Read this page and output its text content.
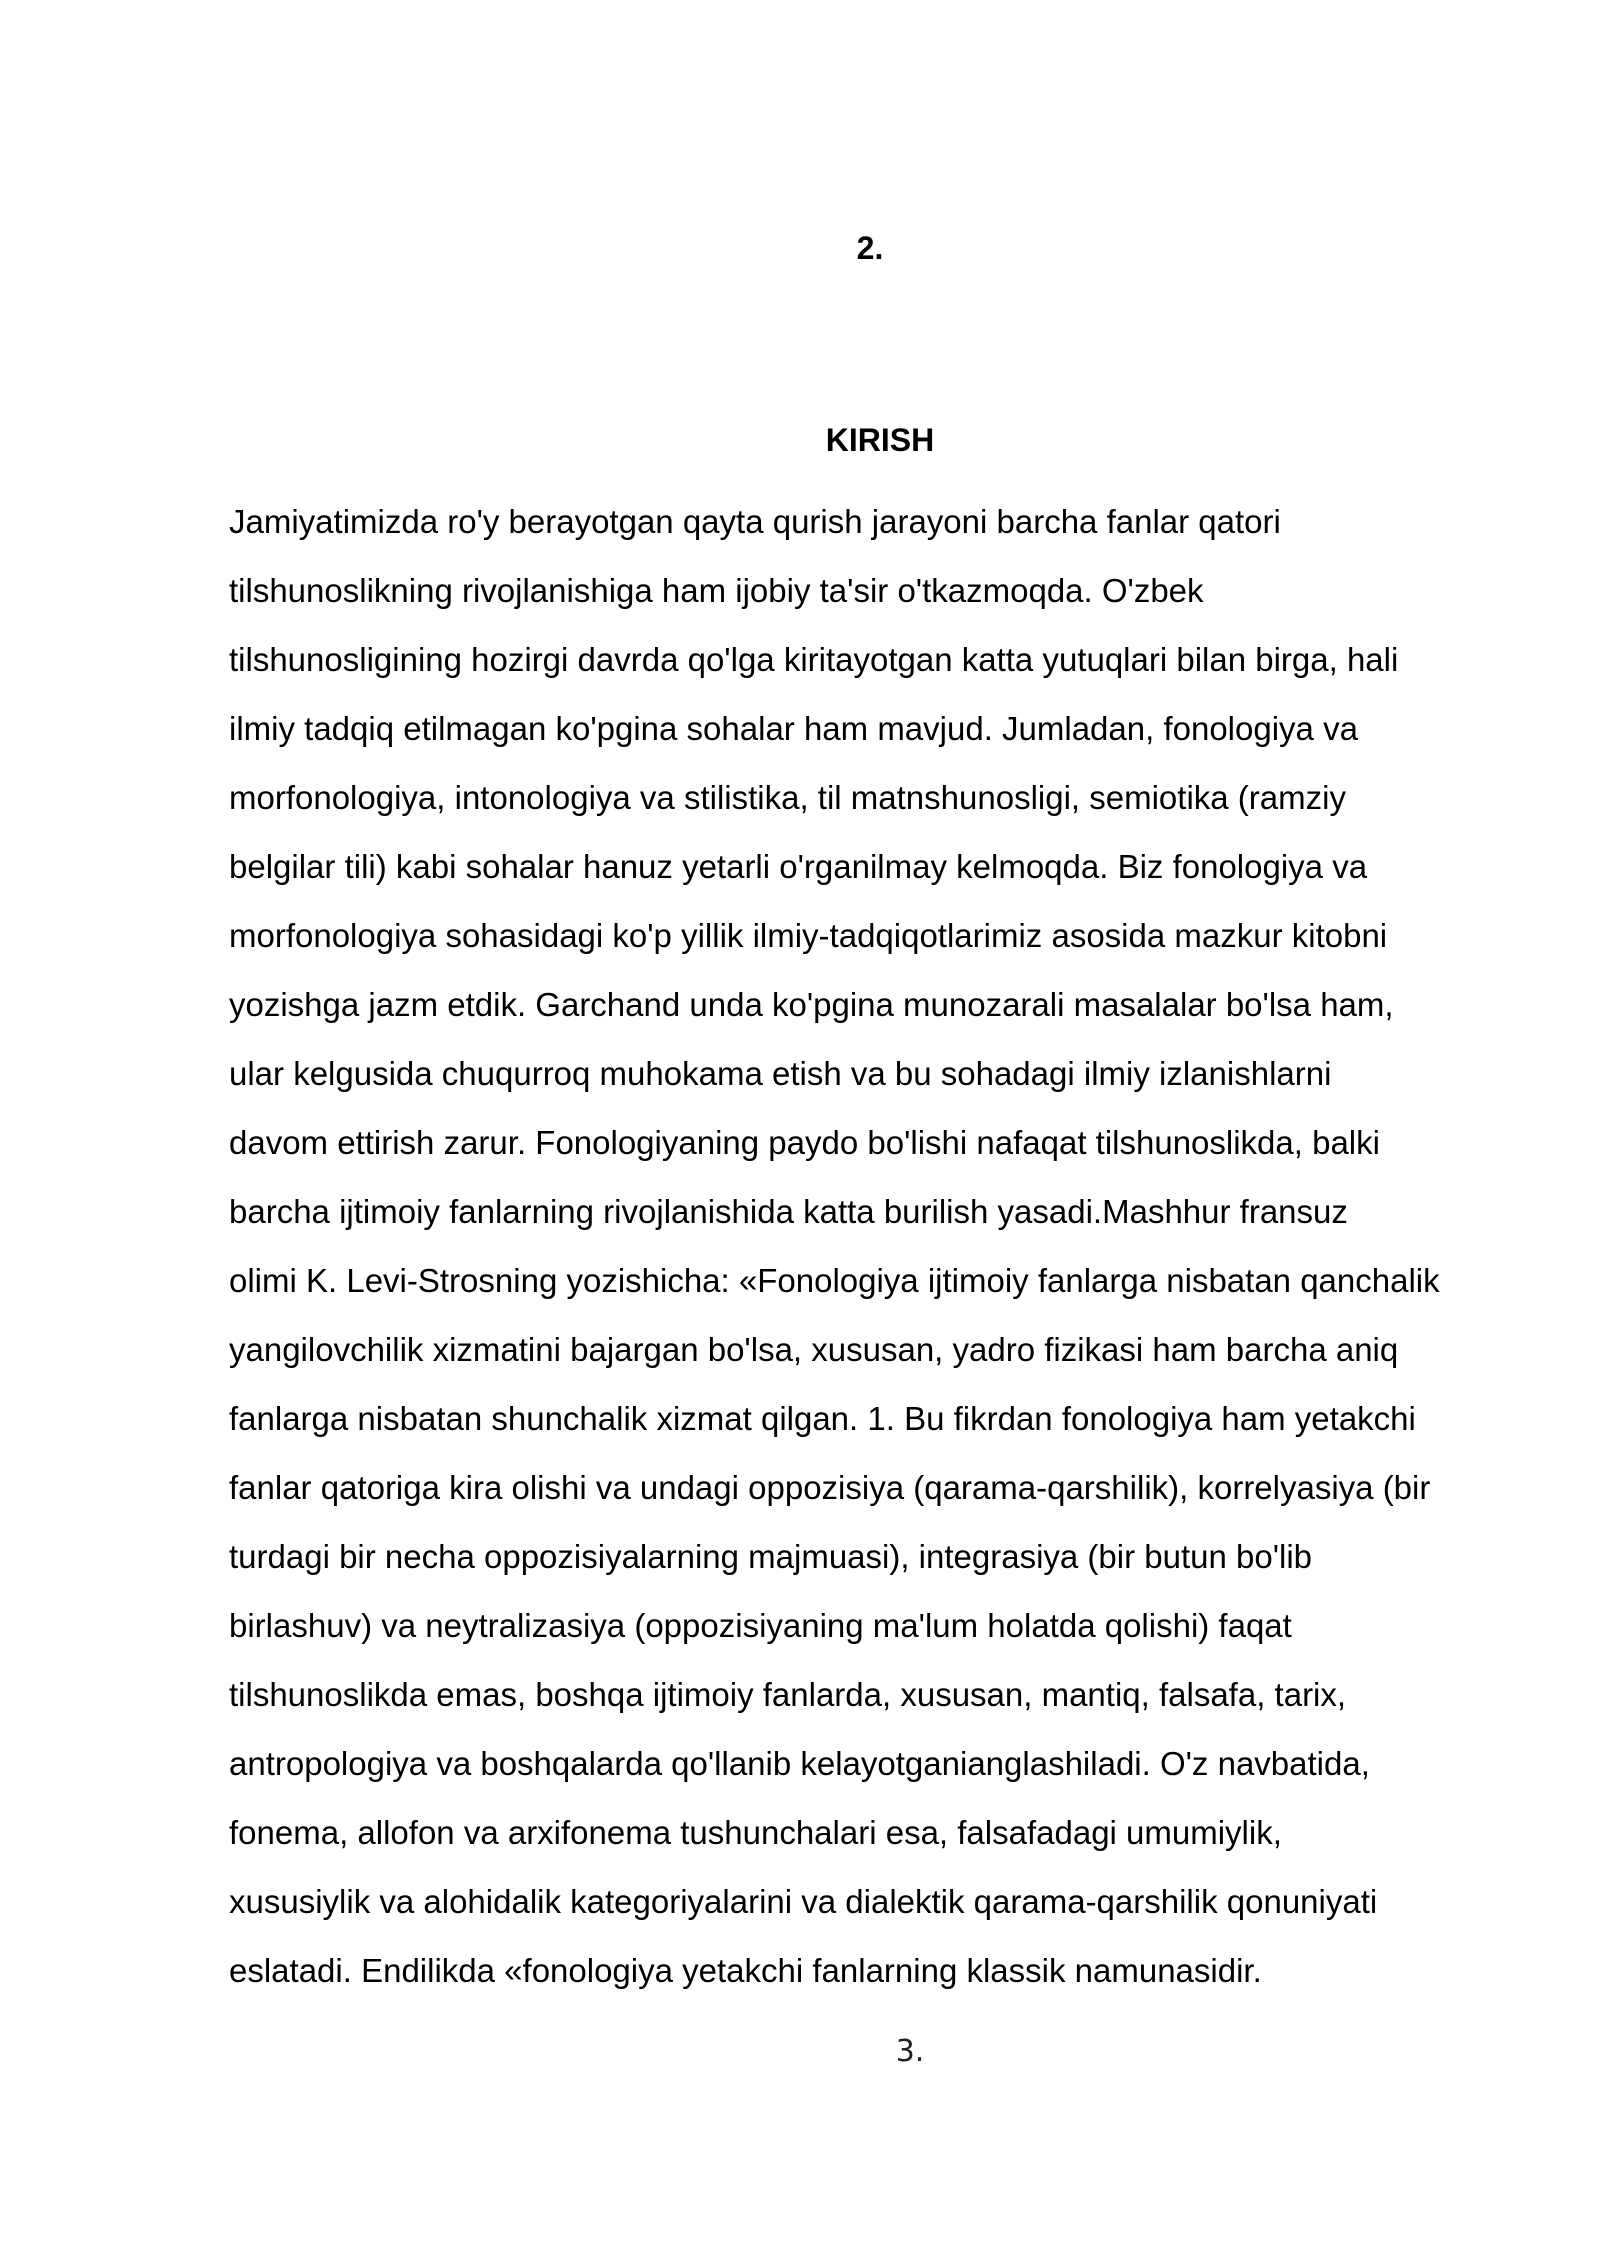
2.
KIRISH

Jamiyatimizda ro'y berayotgan qayta qurish jarayoni barcha fanlar qatori
tilshunoslikning rivojlanishiga ham ijobiy ta'sir o'tkazmoqda. O'zbek
tilshunosligining hozirgi davrda qo'lga kiritayotgan katta yutuqlari bilan birga, hali
ilmiy tadqiq etilmagan ko'pgina sohalar ham mavjud. Jumladan, fonologiya va
morfonologiya, intonologiya va stilistika, til matnshunosligi, semiotika (ramziy
belgilar tili) kabi sohalar hanuz yetarli o'rganilmay kelmoqda. Biz fonologiya va
morfonologiya sohasidagi ko'p yillik ilmiy-tadqiqotlarimiz asosida mazkur kitobni
yozishga jazm etdik. Garchand unda ko'pgina munozarali masalalar bo'lsa ham,
ular kelgusida chuqurroq muhokama etish va bu sohadagi ilmiy izlanishlarni
davom ettirish zarur. Fonologiyaning paydo bo'lishi nafaqat tilshunoslikda, balki
barcha ijtimoiy fanlarning rivojlanishida katta burilish yasadi.Mashhur fransuz
olimi K. Levi-Strosning yozishicha: «Fonologiya ijtimoiy fanlarga nisbatan qanchalik
yangilovchilik xizmatini bajargan bo'lsa, xususan, yadro fizikasi ham barcha aniq
fanlarga nisbatan shunchalik xizmat qilgan. 1. Bu fikrdan fonologiya ham yetakchi
fanlar qatoriga kira olishi va undagi oppozisiya (qarama-qarshilik), korrelyasiya (bir
turdagi bir necha oppozisiyalarning majmuasi), integrasiya (bir butun bo'lib
birlashuv) va neytralizasiya (oppozisiyaning ma'lum holatda qolishi) faqat
tilshunoslikda emas, boshqa ijtimoiy fanlarda, xususan, mantiq, falsafa, tarix,
antropologiya va boshqalarda qo'llanib kelayotganianglashiladi. O'z navbatida,
fonema, allofon va arxifonema tushunchalari esa, falsafadagi umumiylik,
xususiylik va alohidalik kategoriyalarini va dialektik qarama-qarshilik qonuniyati
eslatadi. Endilikda «fonologiya yetakchi fanlarning klassik namunasidir.

3.
